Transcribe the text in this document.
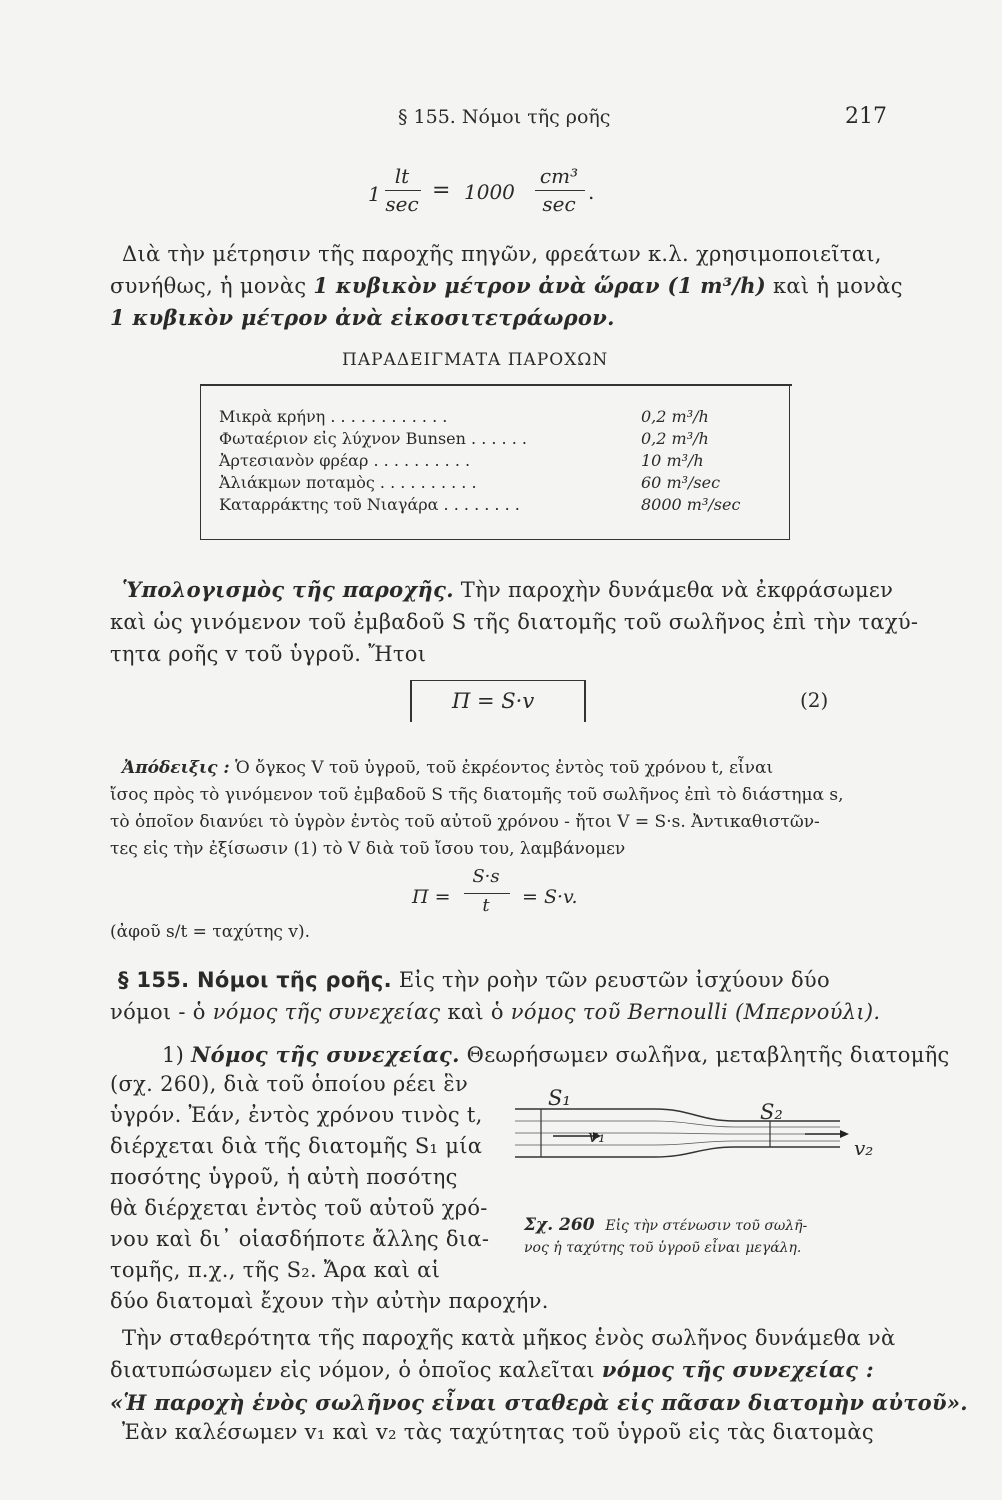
§ 155. Νόμοι τῆς ροῆς	217
1
lt
sec
= 1000
cm³
sec .
Διὰ τὴν μέτρησιν τῆς παροχῆς πηγῶν, φρεάτων κ.λ. χρησιμοποιεῖται,
συνήθως, ἡ μονὰς 1 κυβικὸν μέτρον ἀνὰ ὥραν (1 m³/h) καὶ ἡ μονὰς
1 κυβικὸν μέτρον ἀνὰ εἰκοσιτετράωρον.
ΠΑΡΑΔΕΙΓΜΑΤΑ ΠΑΡΟΧΩΝ
Μικρὰ κρήνη . . . . . . . . . . . .	0,2 m³/h
Φωταέριον εἰς λύχνον Bunsen . . . . . .	0,2 m³/h
Ἀρτεσιανὸν φρέαρ . . . . . . . . . .	10 m³/h
Ἀλιάκμων ποταμὸς . . . . . . . . . .	60 m³/sec
Καταρράκτης τοῦ Νιαγάρα . . . . . . . .	8000 m³/sec
Ὑπολογισμὸς τῆς παροχῆς. Τὴν παροχὴν δυνάμεθα νὰ ἐκφράσωμεν
καὶ ὡς γινόμενον τοῦ ἐμβαδοῦ S τῆς διατομῆς τοῦ σωλῆνος ἐπὶ τὴν ταχύ-
τητα ροῆς v τοῦ ὑγροῦ. Ἤτοι
Π = S·v	(2)
Ἀπόδειξις : Ὁ ὄγκος V τοῦ ὑγροῦ, τοῦ ἐκρέοντος ἐντὸς τοῦ χρόνου t, εἶναι
ἴσος πρὸς τὸ γινόμενον τοῦ ἐμβαδοῦ S τῆς διατομῆς τοῦ σωλῆνος ἐπὶ τὸ διάστημα s,
τὸ ὁποῖον διανύει τὸ ὑγρὸν ἐντὸς τοῦ αὐτοῦ χρόνου - ἤτοι V = S·s. Ἀντικαθιστῶν-
τες εἰς τὴν ἐξίσωσιν (1) τὸ V διὰ τοῦ ἴσου του, λαμβάνομεν
Π =
S·s
t	= S·v.
(ἀφοῦ s/t = ταχύτης v).
§ 155. Νόμοι τῆς ροῆς. Εἰς τὴν ροὴν τῶν ρευστῶν ἰσχύουν δύο
νόμοι - ὁ νόμος τῆς συνεχείας καὶ ὁ νόμος τοῦ Bernoulli (Μπερνούλι).
1) Νόμος τῆς συνεχείας. Θεωρήσωμεν σωλῆνα, μεταβλητῆς διατομῆς
(σχ. 260), διὰ τοῦ ὁποίου ρέει ἓν
ὑγρόν. Ἐάν, ἐντὸς χρόνου τινὸς t,
διέρχεται διὰ τῆς διατομῆς S₁ μία
ποσότης ὑγροῦ, ἡ αὐτὴ ποσότης
θὰ διέρχεται ἐντὸς τοῦ αὐτοῦ χρό-
νου καὶ δι᾽ οἱασδήποτε ἄλλης δια-
τομῆς, π.χ., τῆς S₂. Ἄρα καὶ αἱ
δύο διατομαὶ ἔχουν τὴν αὐτὴν παροχήν.
S₁
S₂
v₁	v₂
Σχ. 260 Εἰς τὴν στένωσιν τοῦ σωλῆ-
νος ἡ ταχύτης τοῦ ὑγροῦ εἶναι μεγάλη.
Τὴν σταθερότητα τῆς παροχῆς κατὰ μῆκος ἑνὸς σωλῆνος δυνάμεθα νὰ
διατυπώσωμεν εἰς νόμον, ὁ ὁποῖος καλεῖται νόμος τῆς συνεχείας :
«Ἡ παροχὴ ἑνὸς σωλῆνος εἶναι σταθερὰ εἰς πᾶσαν διατομὴν αὐτοῦ».
Ἐὰν καλέσωμεν v₁ καὶ v₂ τὰς ταχύτητας τοῦ ὑγροῦ εἰς τὰς διατομὰς
